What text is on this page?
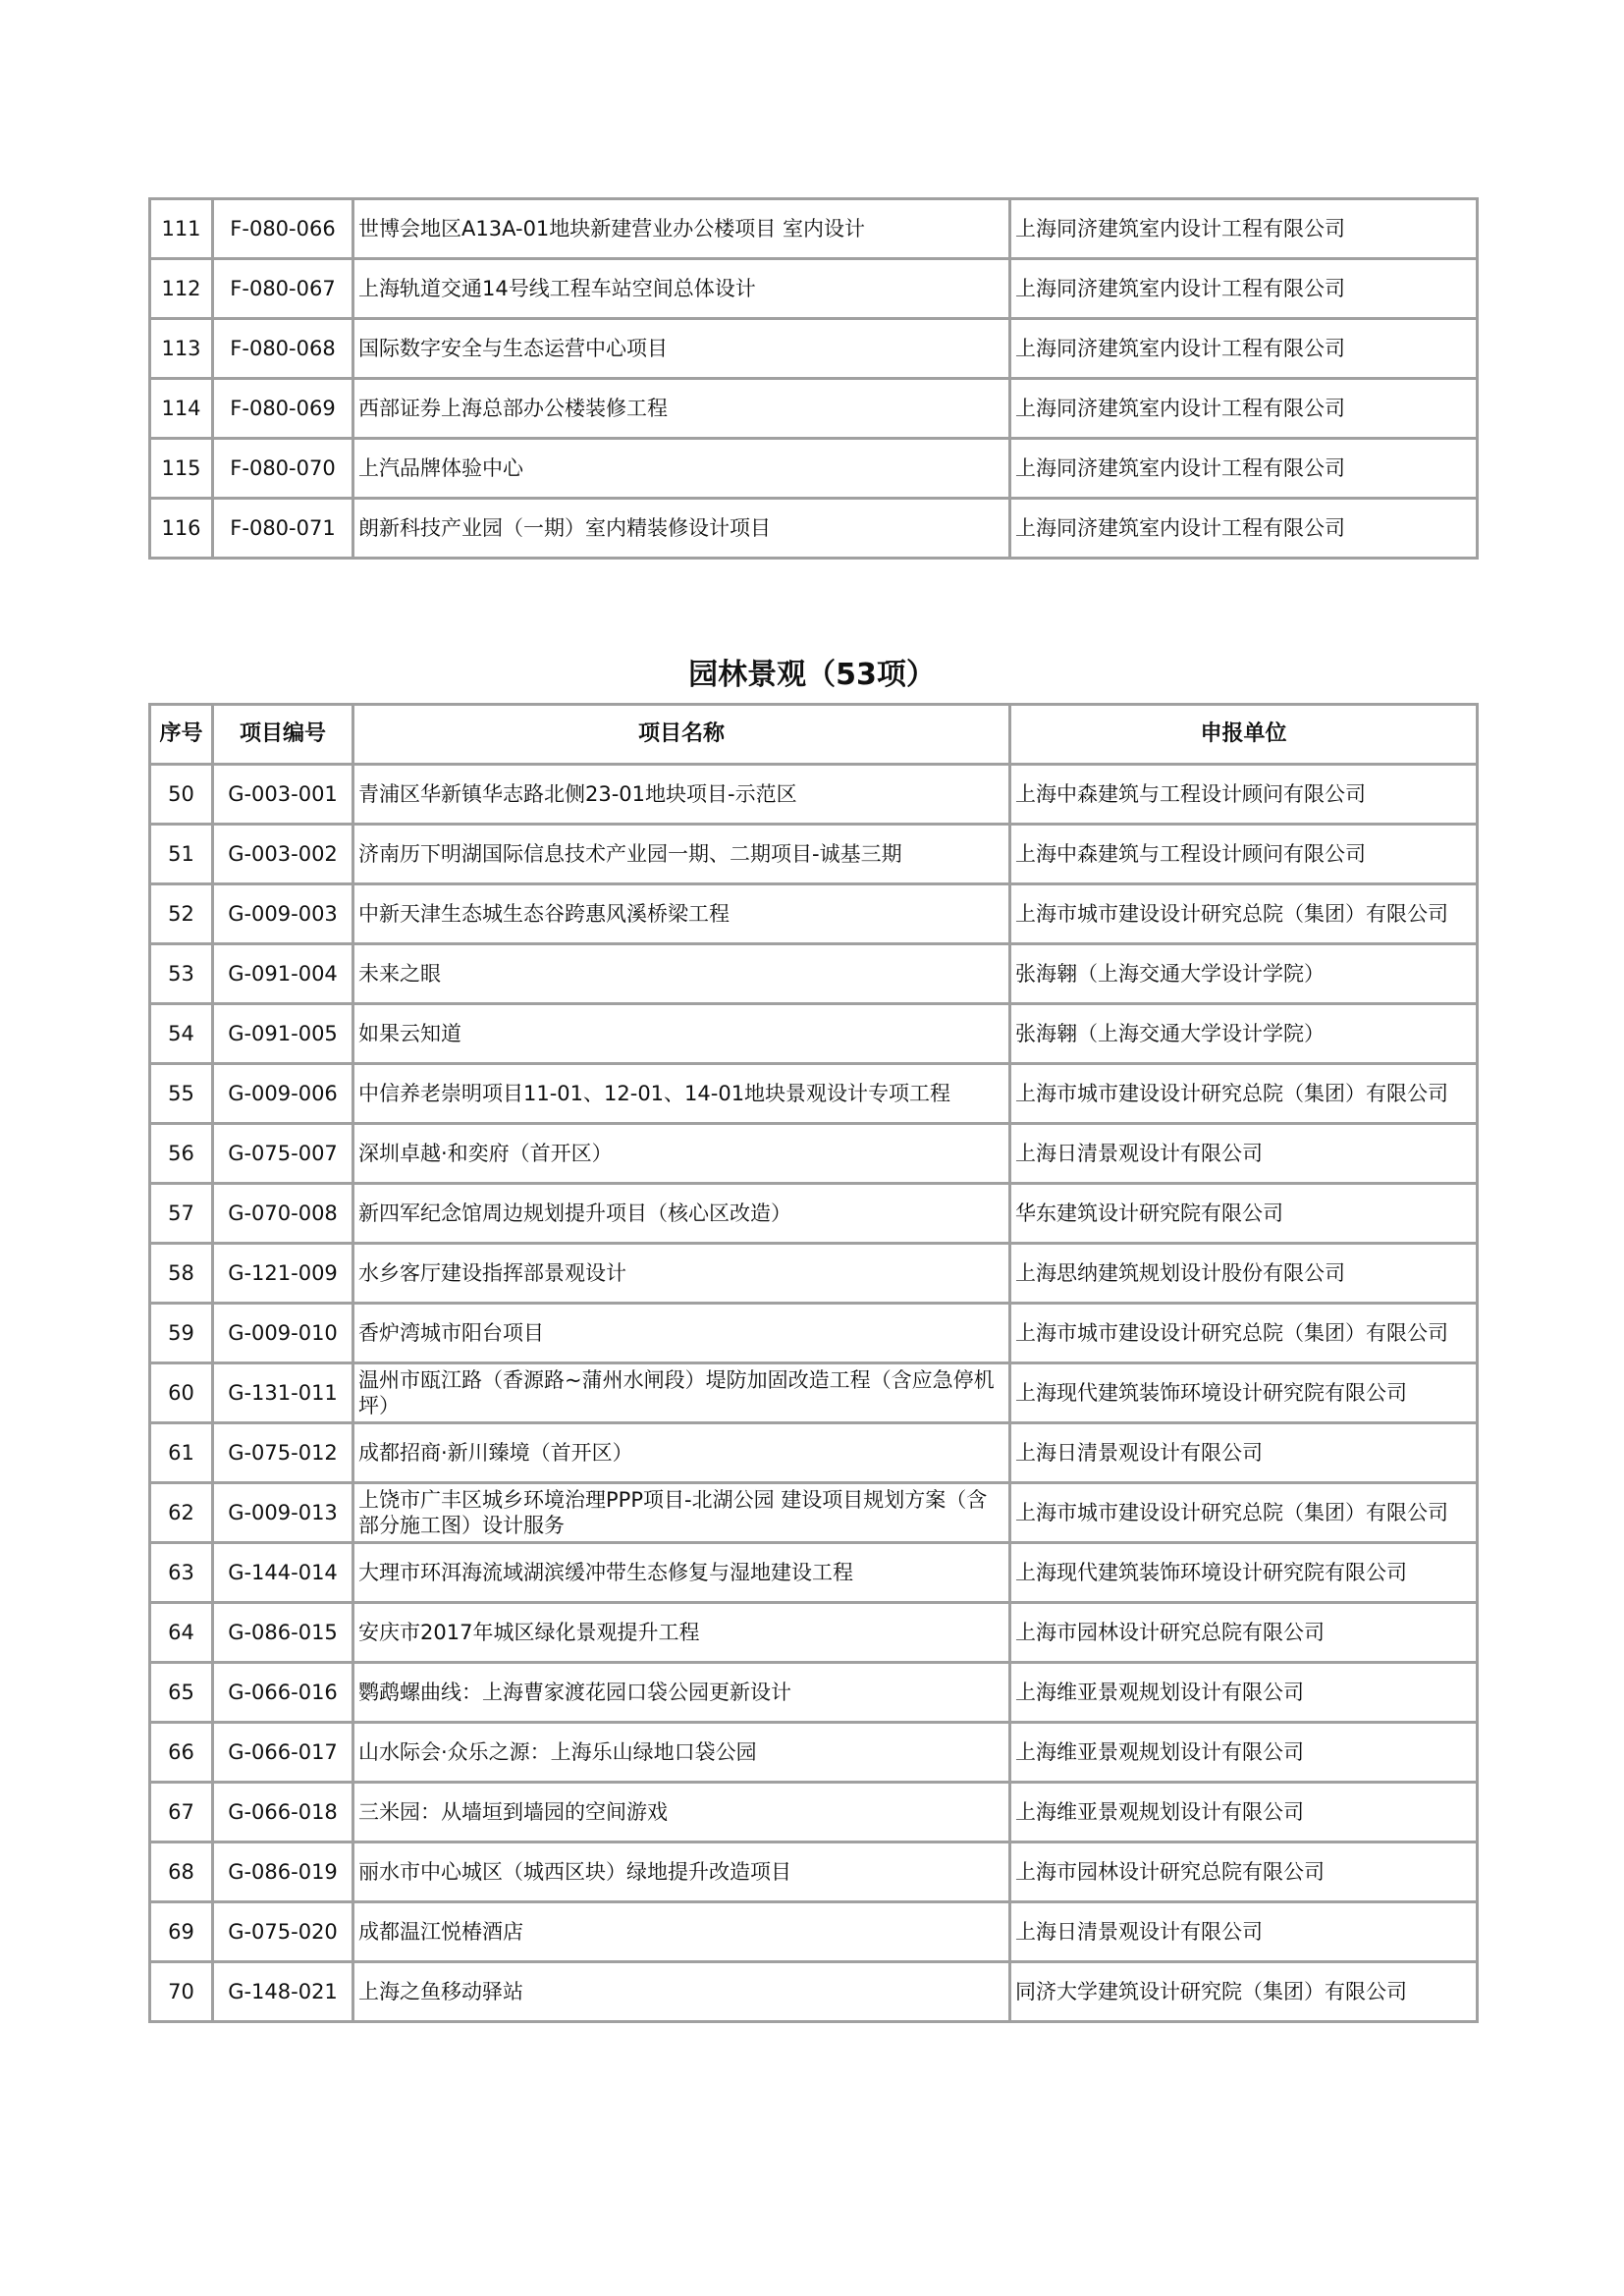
111	F-080-066	世博会地区A13A-01地块新建营业办公楼项目 室内设计	上海同济建筑室内设计工程有限公司
112	F-080-067	上海轨道交通14号线工程车站空间总体设计	上海同济建筑室内设计工程有限公司
113	F-080-068	国际数字安全与生态运营中心项目	上海同济建筑室内设计工程有限公司
114	F-080-069	西部证券上海总部办公楼装修工程	上海同济建筑室内设计工程有限公司
115	F-080-070	上汽品牌体验中心	上海同济建筑室内设计工程有限公司
116	F-080-071	朗新科技产业园（一期）室内精装修设计项目	上海同济建筑室内设计工程有限公司
园林景观（53项）
序号	项目编号	项目名称	申报单位
50	G-003-001	青浦区华新镇华志路北侧23-01地块项目-示范区	上海中森建筑与工程设计顾问有限公司
51	G-003-002	济南历下明湖国际信息技术产业园一期、二期项目-诚基三期	上海中森建筑与工程设计顾问有限公司
52	G-009-003	中新天津生态城生态谷跨惠风溪桥梁工程	上海市城市建设设计研究总院（集团）有限公司
53	G-091-004	未来之眼	张海翱（上海交通大学设计学院）
54	G-091-005	如果云知道	张海翱（上海交通大学设计学院）
55	G-009-006	中信养老崇明项目11-01、12-01、14-01地块景观设计专项工程	上海市城市建设设计研究总院（集团）有限公司
56	G-075-007	深圳卓越·和奕府（首开区）	上海日清景观设计有限公司
57	G-070-008	新四军纪念馆周边规划提升项目（核心区改造）	华东建筑设计研究院有限公司
58	G-121-009	水乡客厅建设指挥部景观设计	上海思纳建筑规划设计股份有限公司
59	G-009-010	香炉湾城市阳台项目	上海市城市建设设计研究总院（集团）有限公司
60	G-131-011	温州市瓯江路（香源路~蒲州水闸段）堤防加固改造工程（含应急停机坪）	上海现代建筑装饰环境设计研究院有限公司
61	G-075-012	成都招商·新川臻境（首开区）	上海日清景观设计有限公司
62	G-009-013	上饶市广丰区城乡环境治理PPP项目-北湖公园 建设项目规划方案（含部分施工图）设计服务	上海市城市建设设计研究总院（集团）有限公司
63	G-144-014	大理市环洱海流域湖滨缓冲带生态修复与湿地建设工程	上海现代建筑装饰环境设计研究院有限公司
64	G-086-015	安庆市2017年城区绿化景观提升工程	上海市园林设计研究总院有限公司
65	G-066-016	鹦鹉螺曲线：上海曹家渡花园口袋公园更新设计	上海维亚景观规划设计有限公司
66	G-066-017	山水际会·众乐之源：上海乐山绿地口袋公园	上海维亚景观规划设计有限公司
67	G-066-018	三米园：从墙垣到墙园的空间游戏	上海维亚景观规划设计有限公司
68	G-086-019	丽水市中心城区（城西区块）绿地提升改造项目	上海市园林设计研究总院有限公司
69	G-075-020	成都温江悦椿酒店	上海日清景观设计有限公司
70	G-148-021	上海之鱼移动驿站	同济大学建筑设计研究院（集团）有限公司
